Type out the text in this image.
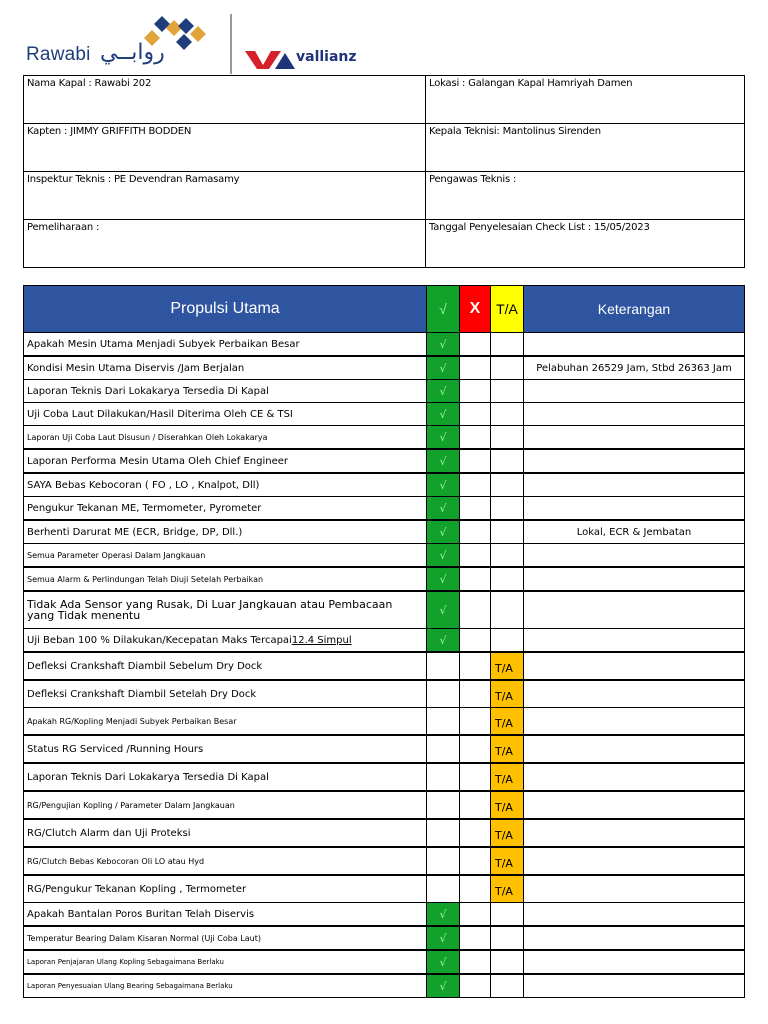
Rawabi روابــي	vallianz
Nama Kapal : Rawabi 202	Lokasi : Galangan Kapal Hamriyah Damen
Kapten : JIMMY GRIFFITH BODDEN	Kepala Teknisi: Mantolinus Sirenden
Inspektur Teknis : PE Devendran Ramasamy	Pengawas Teknis :
Pemeliharaan :	Tanggal Penyelesaian Check List : 15/05/2023
Propulsi Utama	√	X	T/A	Keterangan
Apakah Mesin Utama Menjadi Subyek Perbaikan Besar	√			
Kondisi Mesin Utama Diservis /Jam Berjalan	√			Pelabuhan 26529 Jam, Stbd 26363 Jam
Laporan Teknis Dari Lokakarya Tersedia Di Kapal	√			
Uji Coba Laut Dilakukan/Hasil Diterima Oleh CE & TSI	√			
Laporan Uji Coba Laut Disusun / Diserahkan Oleh Lokakarya	√			
Laporan Performa Mesin Utama Oleh Chief Engineer	√			
SAYA Bebas Kebocoran ( FO , LO , Knalpot, Dll)	√			
Pengukur Tekanan ME, Termometer, Pyrometer	√			
Berhenti Darurat ME (ECR, Bridge, DP, Dll.)	√			Lokal, ECR & Jembatan
Semua Parameter Operasi Dalam Jangkauan	√			
Semua Alarm & Perlindungan Telah Diuji Setelah Perbaikan	√			
Tidak Ada Sensor yang Rusak, Di Luar Jangkauan atau Pembacaan yang Tidak menentu	√			
Uji Beban 100 % Dilakukan/Kecepatan Maks Tercapai12.4 Simpul	√			
Defleksi Crankshaft Diambil Sebelum Dry Dock			T/A	
Defleksi Crankshaft Diambil Setelah Dry Dock			T/A	
Apakah RG/Kopling Menjadi Subyek Perbaikan Besar			T/A	
Status RG Serviced /Running Hours			T/A	
Laporan Teknis Dari Lokakarya Tersedia Di Kapal			T/A	
RG/Pengujian Kopling / Parameter Dalam Jangkauan			T/A	
RG/Clutch Alarm dan Uji Proteksi			T/A	
RG/Clutch Bebas Kebocoran Oli LO atau Hyd			T/A	
RG/Pengukur Tekanan Kopling , Termometer			T/A	
Apakah Bantalan Poros Buritan Telah Diservis	√			
Temperatur Bearing Dalam Kisaran Normal (Uji Coba Laut)	√			
Laporan Penjajaran Ulang Kopling Sebagaimana Berlaku	√			
Laporan Penyesuaian Ulang Bearing Sebagaimana Berlaku	√			
